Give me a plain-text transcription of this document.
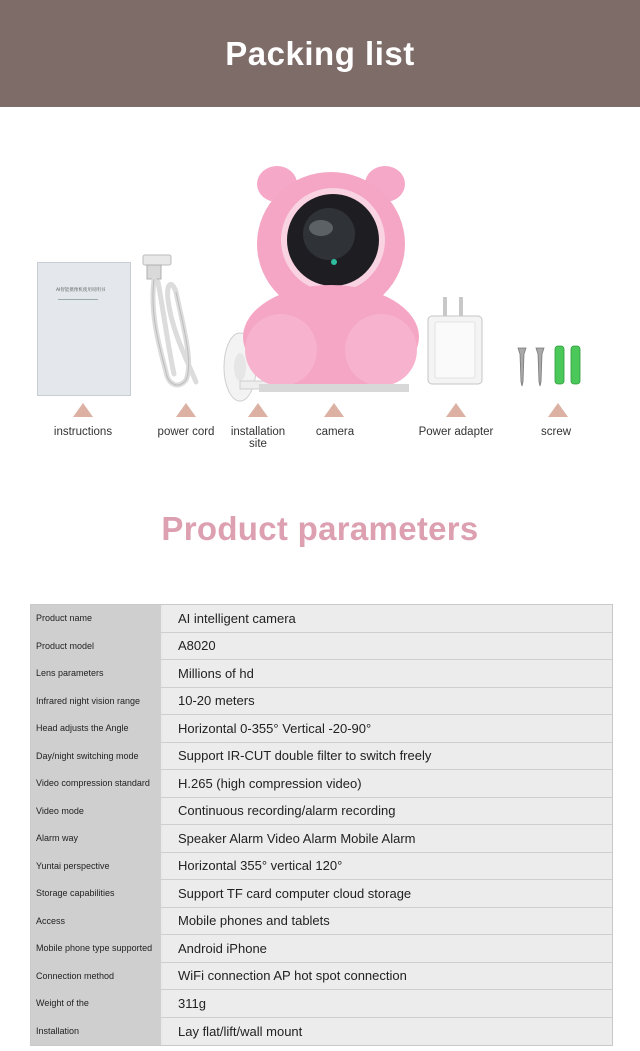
Packing list
AI智能摄像机使用说明书
instructions	power cord	installation
site
camera	Power adapter	screw
Product parameters
Product name	AI intelligent camera
Product model	A8020
Lens parameters	Millions of hd
Infrared night vision range	10-20 meters
Head adjusts the Angle	Horizontal 0-355° Vertical -20-90°
Day/night switching mode	Support IR-CUT double filter to switch freely
Video compression standard	H.265 (high compression video)
Video mode	Continuous recording/alarm recording
Alarm way	Speaker Alarm Video Alarm Mobile Alarm
Yuntai perspective	Horizontal 355° vertical 120°
Storage capabilities	Support TF card computer cloud storage
Access	Mobile phones and tablets
Mobile phone type supported	Android iPhone
Connection method	WiFi connection AP hot spot connection
Weight of the	311g
Installation	Lay flat/lift/wall mount
